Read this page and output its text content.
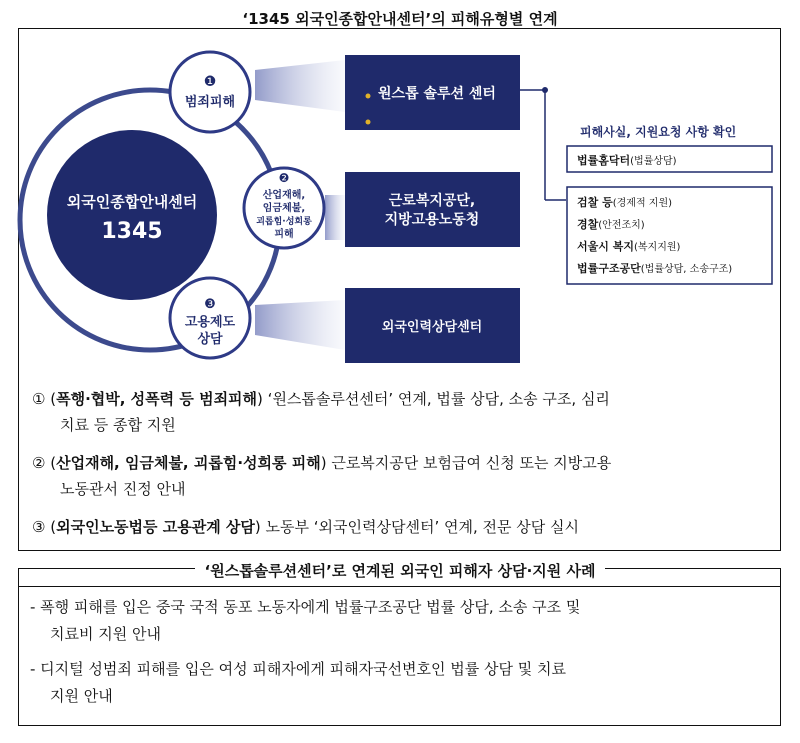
‘1345 외국인종합안내센터’의 피해유형별 연계
외국인종합안내센터
1345
❶
범죄피해
❷
산업재해,
임금체불,
괴롭힘·성희롱
피해
❸
고용제도
상담
원스톱 솔루션 센터
근로복지공단,
지방고용노동청
외국인력상담센터
피해사실, 지원요청 사항 확인
법률홈닥터(법률상담)
검찰 등(경제적 지원)
경찰(안전조치)
서울시 복지(복지지원)
법률구조공단(법률상담, 소송구조)
① (폭행·협박, 성폭력 등 범죄피해) ‘원스톱솔루션센터’ 연계, 법률 상담, 소송 구조, 심리
치료 등 종합 지원
② (산업재해, 임금체불, 괴롭힘·성희롱 피해) 근로복지공단 보험급여 신청 또는 지방고용
노동관서 진정 안내
③ (외국인노동법등 고용관계 상담) 노동부 ‘외국인력상담센터’ 연계, 전문 상담 실시
‘원스톱솔루션센터’로 연계된 외국인 피해자 상담·지원 사례
- 폭행 피해를 입은 중국 국적 동포 노동자에게 법률구조공단 법률 상담, 소송 구조 및
치료비 지원 안내
- 디지털 성범죄 피해를 입은 여성 피해자에게 피해자국선변호인 법률 상담 및 치료
지원 안내
